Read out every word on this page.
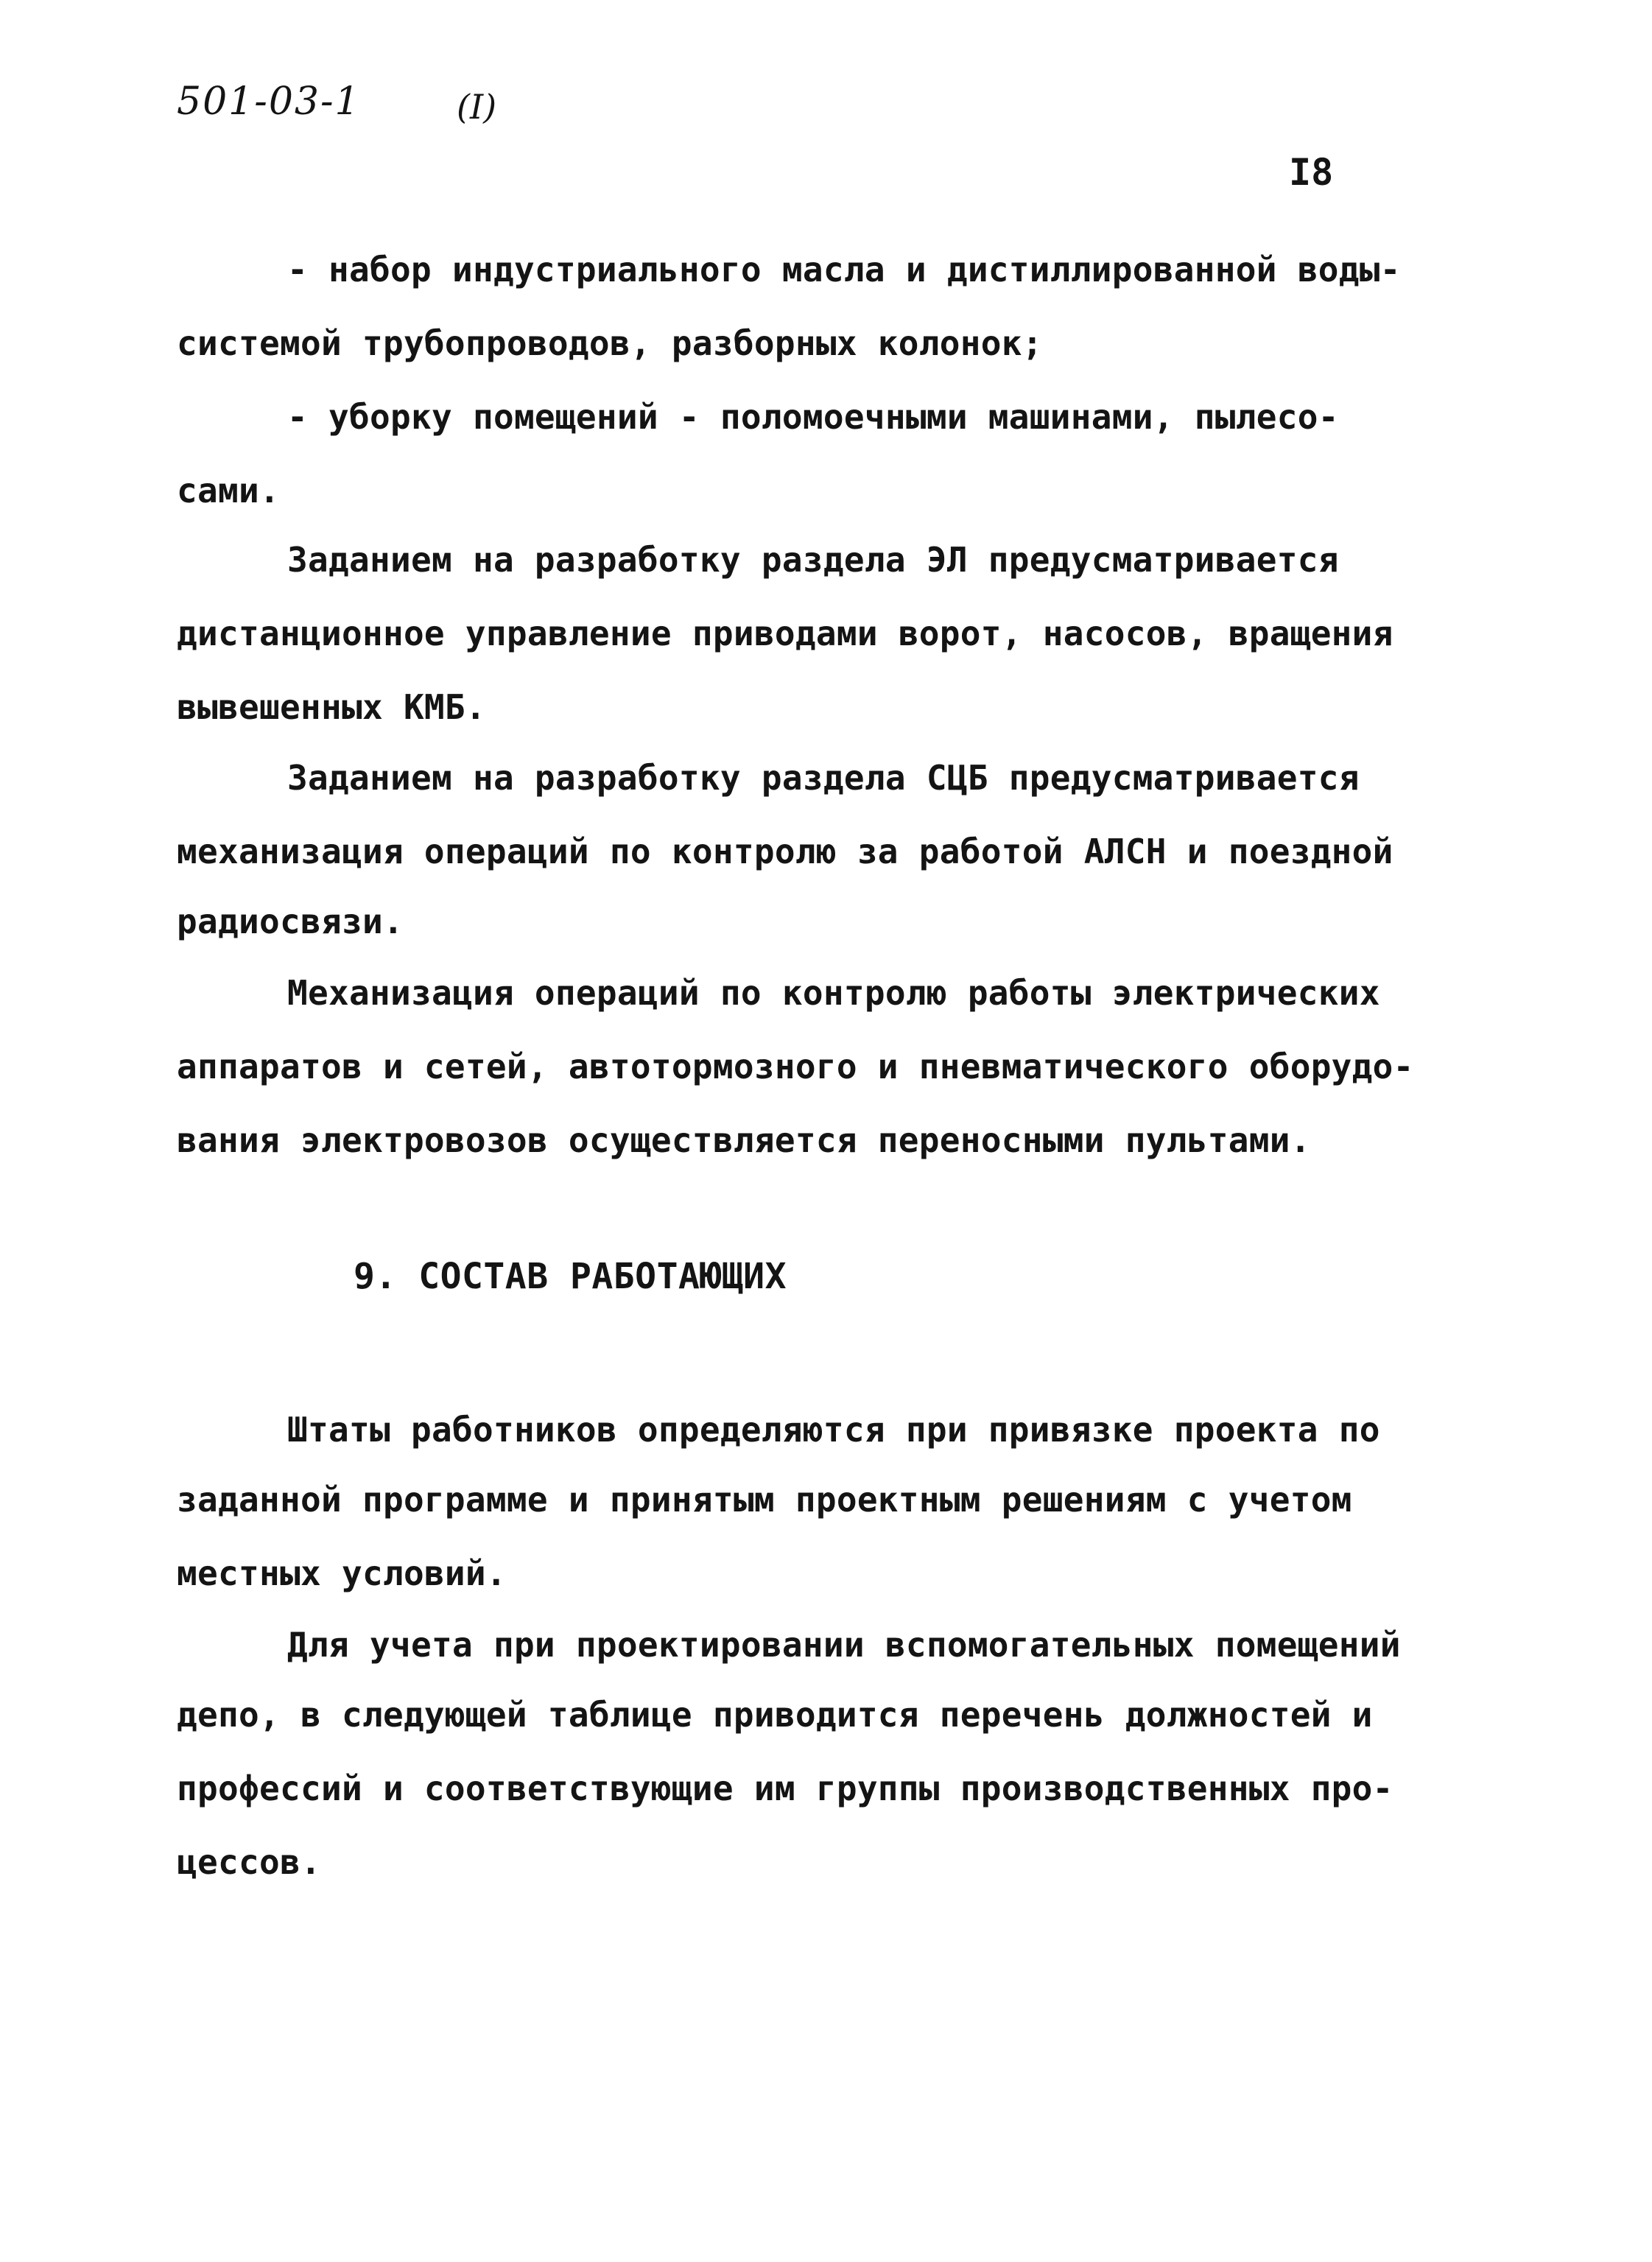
501-03-1	(I)
I8
- набор индустриального масла и дистиллированной воды-
системой трубопроводов, разборных колонок;
- уборку помещений - поломоечными машинами, пылесо-
сами.
Заданием на разработку раздела ЭЛ предусматривается
дистанционное управление приводами ворот, насосов, вращения
вывешенных КМБ.
Заданием на разработку раздела СЦБ предусматривается
механизация операций по контролю за работой АЛСН и поездной
радиосвязи.
Механизация операций по контролю работы электрических
аппаратов и сетей, автотормозного и пневматического оборудо-
вания электровозов осуществляется переносными пультами.
9. СОСТАВ РАБОТАЮЩИХ
Штаты работников определяются при привязке проекта по
заданной программе и принятым проектным решениям с учетом
местных условий.
Для учета при проектировании вспомогательных помещений
депо, в следующей таблице приводится перечень должностей и
профессий и соответствующие им группы производственных про-
цессов.
